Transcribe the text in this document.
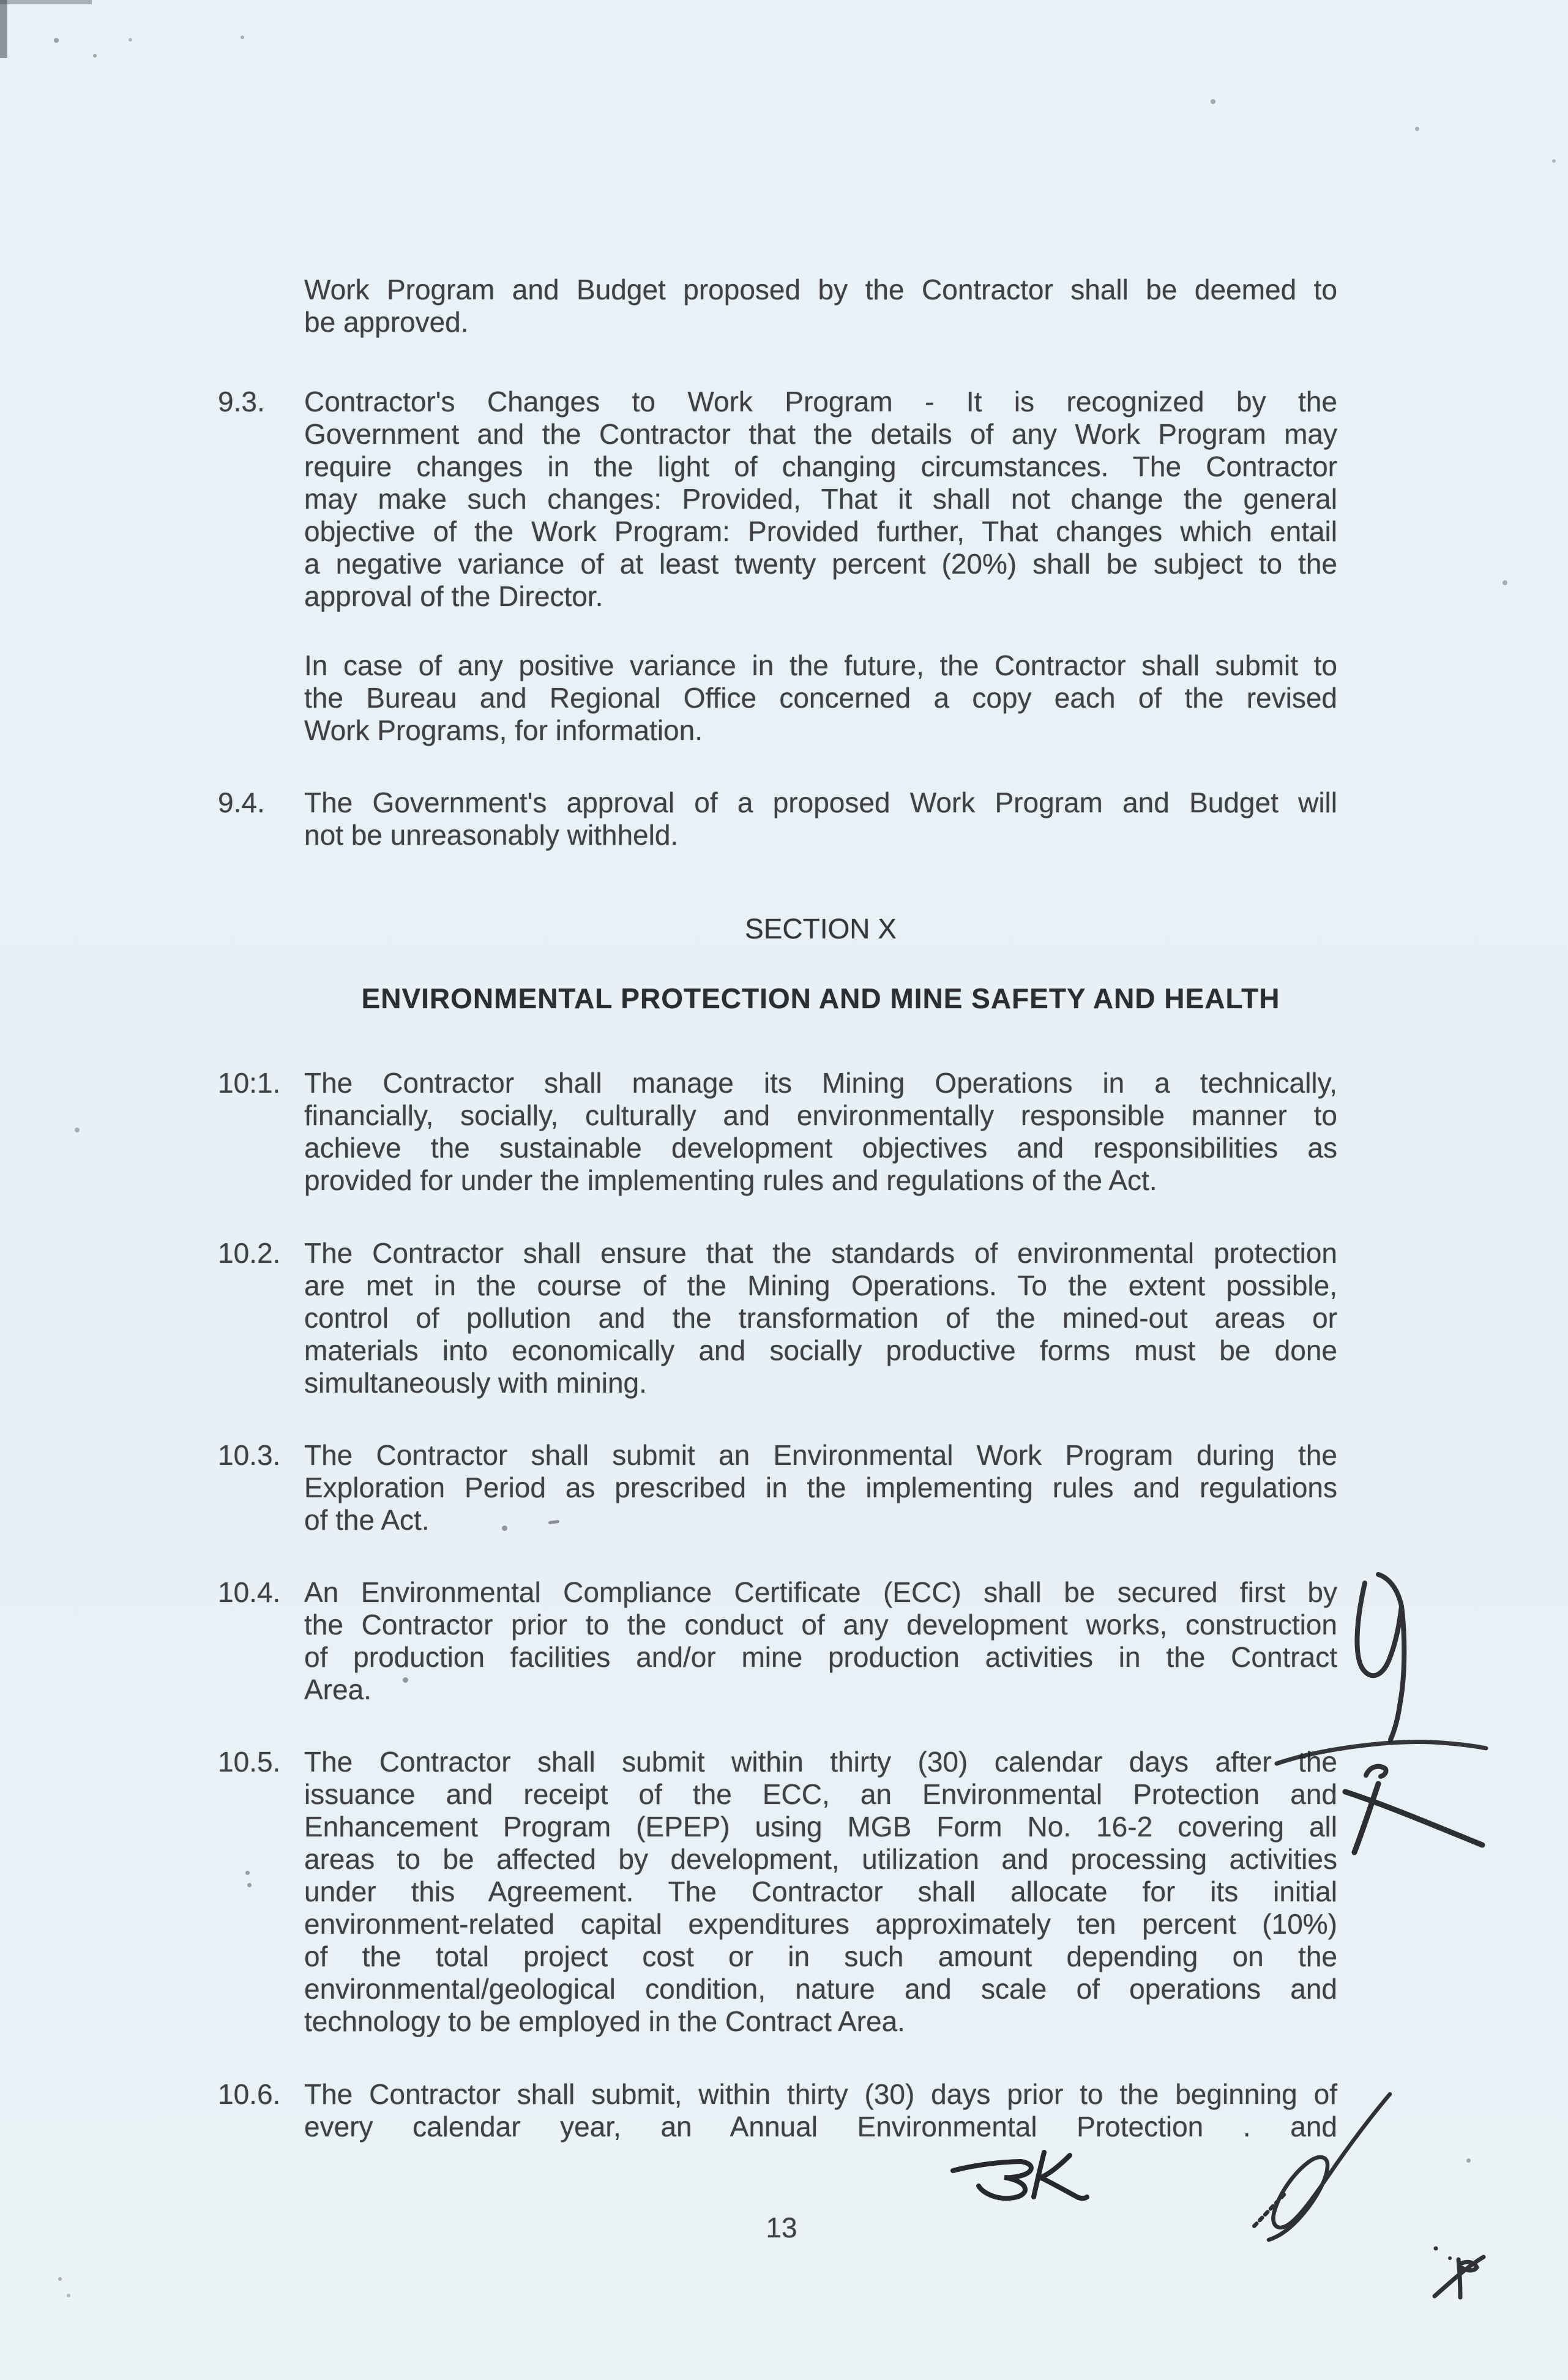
Work Program and Budget proposed by the Contractor shall be deemed to
be approved.
9.3.	Contractor's Changes to Work Program - It is recognized by the
Government and the Contractor that the details of any Work Program may
require changes in the light of changing circumstances. The Contractor
may make such changes: Provided, That it shall not change the general
objective of the Work Program: Provided further, That changes which entail
a negative variance of at least twenty percent (20%) shall be subject to the
approval of the Director.
In case of any positive variance in the future, the Contractor shall submit to
the Bureau and Regional Office concerned a copy each of the revised
Work Programs, for information.
9.4.	The Government's approval of a proposed Work Program and Budget will
not be unreasonably withheld.
SECTION X
ENVIRONMENTAL PROTECTION AND MINE SAFETY AND HEALTH
10:1. The Contractor shall manage its Mining Operations in a technically,
financially, socially, culturally and environmentally responsible manner to
achieve the sustainable development objectives and responsibilities as
provided for under the implementing rules and regulations of the Act.
10.2. The Contractor shall ensure that the standards of environmental protection
are met in the course of the Mining Operations. To the extent possible,
control of pollution and the transformation of the mined-out areas or
materials into economically and socially productive forms must be done
simultaneously with mining.
10.3. The Contractor shall submit an Environmental Work Program during the
Exploration Period as prescribed in the implementing rules and regulations
of the Act.
10.4. An Environmental Compliance Certificate (ECC) shall be secured first by
the Contractor prior to the conduct of any development works, construction
of production facilities and/or mine production activities in the Contract
Area.
10.5. The Contractor shall submit within thirty (30) calendar days after the
issuance and receipt of the ECC, an Environmental Protection and
Enhancement Program (EPEP) using MGB Form No. 16-2 covering all
areas to be affected by development, utilization and processing activities
under this Agreement. The Contractor shall allocate for its initial
environment-related capital expenditures approximately ten percent (10%)
of the total project cost or in such amount depending on the
environmental/geological condition, nature and scale of operations and
technology to be employed in the Contract Area.
10.6. The Contractor shall submit, within thirty (30) days prior to the beginning of
every calendar year, an Annual Environmental Protection . and
13
